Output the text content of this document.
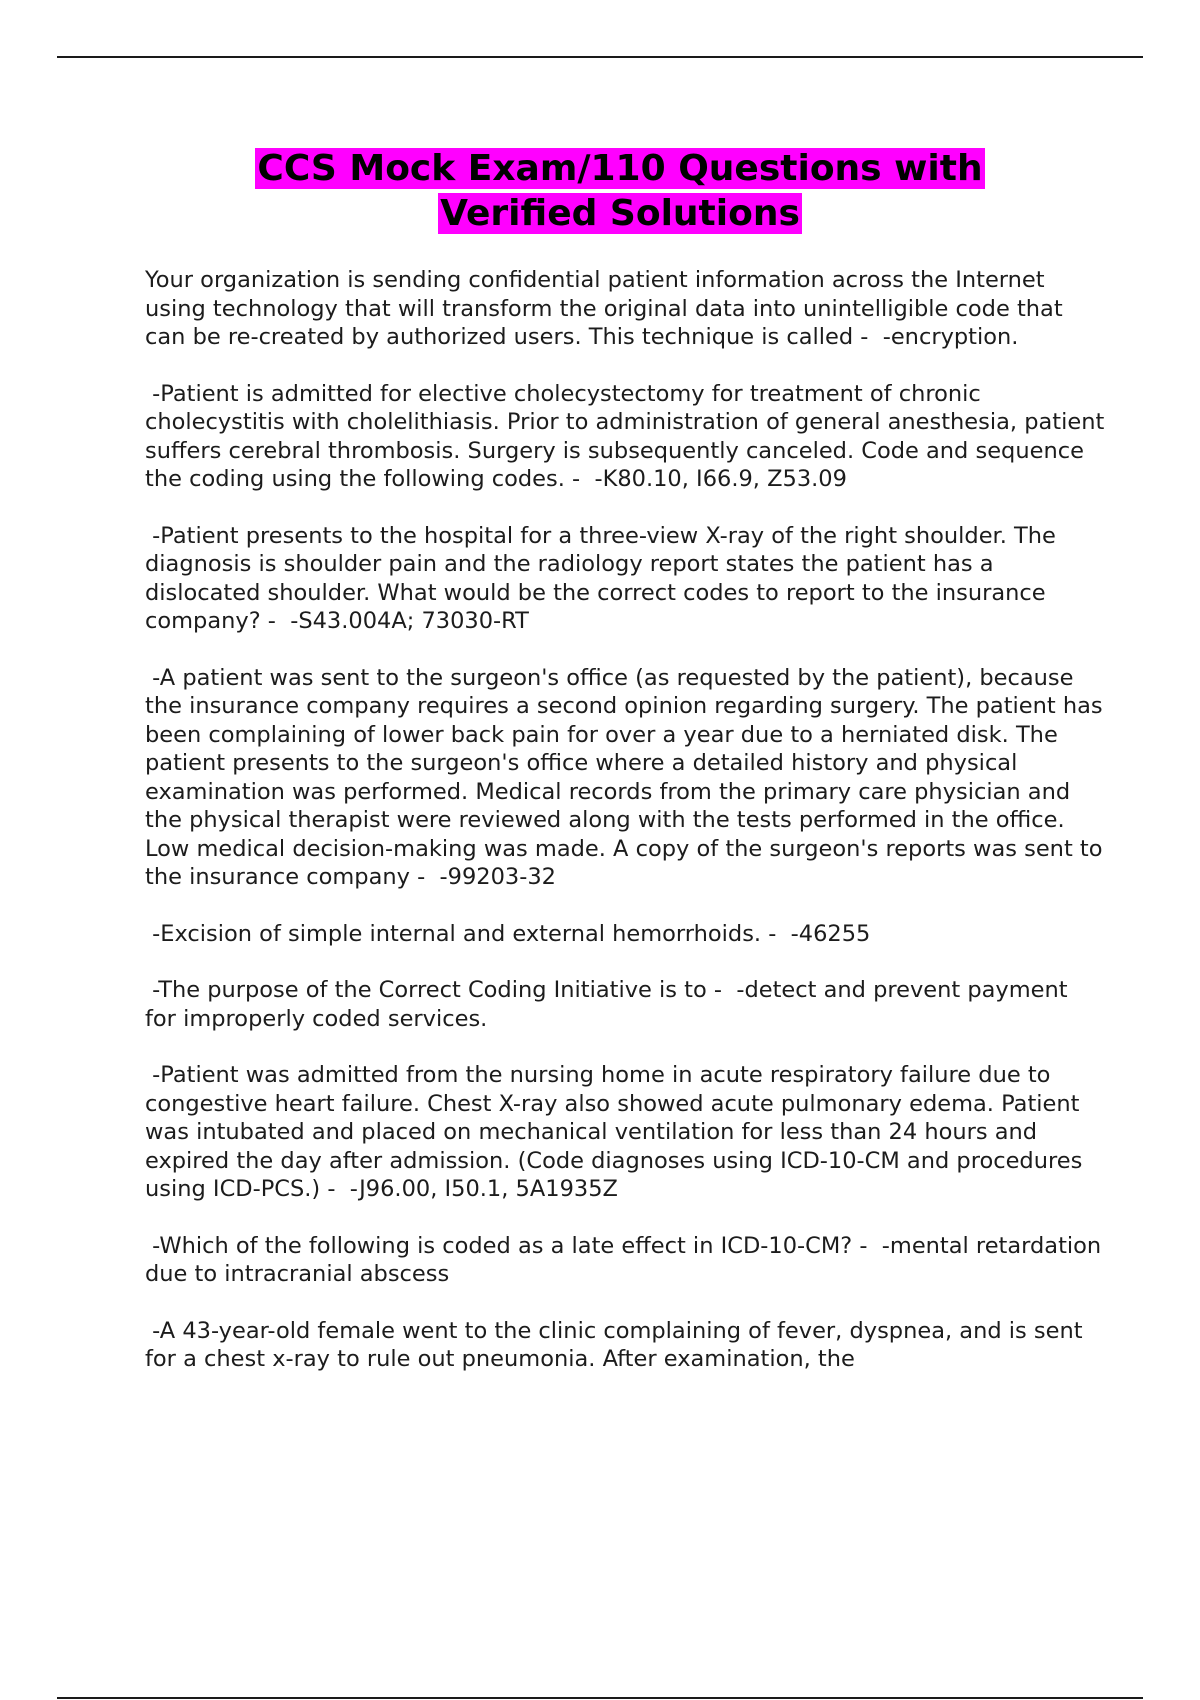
CCS Mock Exam/110 Questions with
Verified Solutions

Your organization is sending confidential patient information across the Internet using technology that will transform the original data into unintelligible code that can be re-created by authorized users. This technique is called -  -encryption.

-Patient is admitted for elective cholecystectomy for treatment of chronic cholecystitis with cholelithiasis. Prior to administration of general anesthesia, patient suffers cerebral thrombosis. Surgery is subsequently canceled. Code and sequence the coding using the following codes. -  -K80.10, I66.9, Z53.09

-Patient presents to the hospital for a three-view X-ray of the right shoulder. The diagnosis is shoulder pain and the radiology report states the patient has a dislocated shoulder. What would be the correct codes to report to the insurance company? -  -S43.004A; 73030-RT

-A patient was sent to the surgeon's office (as requested by the patient), because the insurance company requires a second opinion regarding surgery. The patient has been complaining of lower back pain for over a year due to a herniated disk. The patient presents to the surgeon's office where a detailed history and physical examination was performed. Medical records from the primary care physician and the physical therapist were reviewed along with the tests performed in the office. Low medical decision-making was made. A copy of the surgeon's reports was sent to the insurance company -  -99203-32

-Excision of simple internal and external hemorrhoids. -  -46255

-The purpose of the Correct Coding Initiative is to -  -detect and prevent payment for improperly coded services.

-Patient was admitted from the nursing home in acute respiratory failure due to congestive heart failure. Chest X-ray also showed acute pulmonary edema. Patient was intubated and placed on mechanical ventilation for less than 24 hours and expired the day after admission. (Code diagnoses using ICD-10-CM and procedures using ICD-PCS.) -  -J96.00, I50.1, 5A1935Z

-Which of the following is coded as a late effect in ICD-10-CM? -  -mental retardation due to intracranial abscess

-A 43-year-old female went to the clinic complaining of fever, dyspnea, and is sent for a chest x-ray to rule out pneumonia. After examination, the
